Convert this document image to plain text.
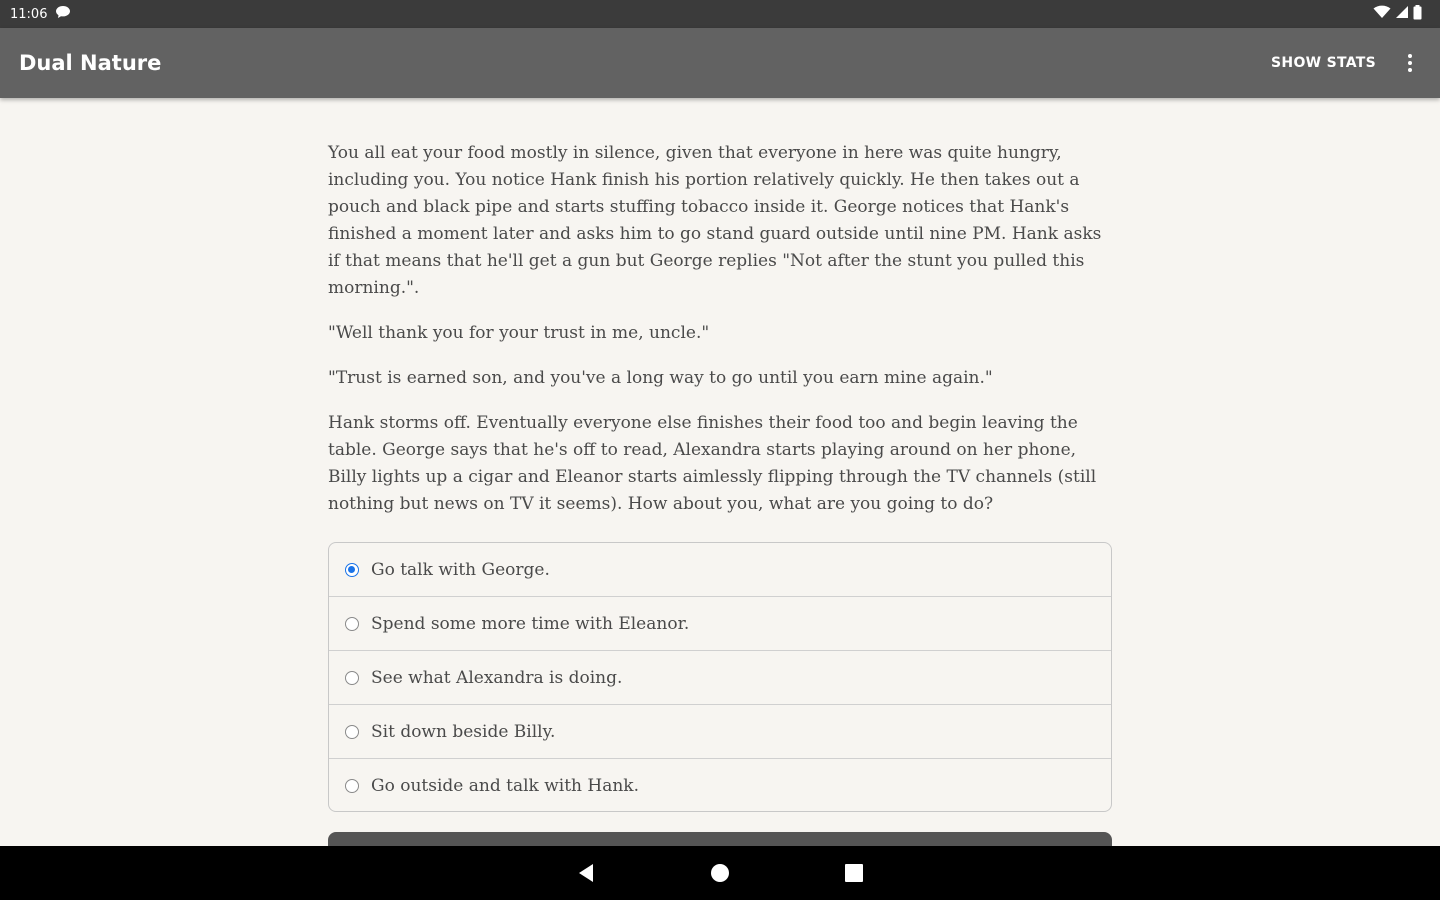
11:06
Dual Nature	SHOW STATS

You all eat your food mostly in silence, given that everyone in here was quite hungry, including you. You notice Hank finish his portion relatively quickly. He then takes out a pouch and black pipe and starts stuffing tobacco inside it. George notices that Hank's finished a moment later and asks him to go stand guard outside until nine PM. Hank asks if that means that he'll get a gun but George replies "Not after the stunt you pulled this morning.".

"Well thank you for your trust in me, uncle."

"Trust is earned son, and you've a long way to go until you earn mine again."

Hank storms off. Eventually everyone else finishes their food too and begin leaving the table. George says that he's off to read, Alexandra starts playing around on her phone, Billy lights up a cigar and Eleanor starts aimlessly flipping through the TV channels (still nothing but news on TV it seems). How about you, what are you going to do?

Go talk with George.
Spend some more time with Eleanor.
See what Alexandra is doing.
Sit down beside Billy.
Go outside and talk with Hank.
